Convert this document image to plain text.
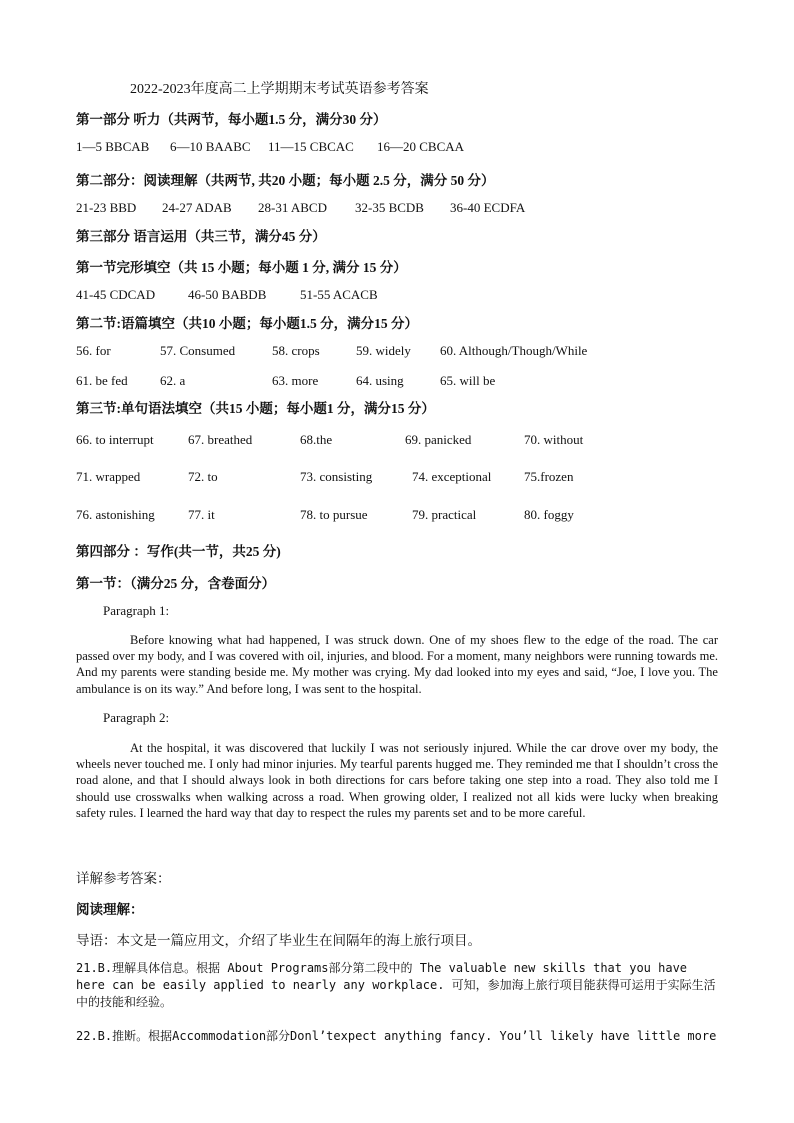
2022-2023年度高二上学期期末考试英语参考答案
第一部分 听力（共两节，每小题1.5 分，满分30 分）
1—5 BBCAB 6—10 BAABC 11—15 CBCAC 16—20 CBCAA
第二部分：阅读理解（共两节, 共20 小题；每小题 2.5 分，满分 50 分）
21-23 BBD 24-27 ADAB 28-31 ABCD 32-35 BCDB 36-40 ECDFA
第三部分 语言运用（共三节，满分45 分）
第一节完形填空（共 15 小题；每小题 1 分, 满分 15 分）
41-45 CDCAD	46-50 BABDB	51-55 ACACB
第二节:语篇填空（共10 小题；每小题1.5 分，满分15 分）
56. for	57. Consumed	58. crops	59. widely 60. Although/Though/While
61. be fed 62. a	63. more	64. using	65. will be
第三节:单句语法填空（共15 小题；每小题1 分，满分15 分）
66. to interrupt	67. breathed	68.the	69. panicked	70. without
71. wrapped	72. to	73. consisting	74. exceptional	75.frozen
76. astonishing	77. it	78. to pursue	79. practical	80. foggy
第四部分 ：写作(共一节，共25 分)
第一节：（满分25 分，含卷面分）
Paragraph 1:
Before knowing what had happened, I was struck down. One of my shoes flew to the edge of the road. The car passed over my body, and I was covered with oil, injuries, and blood. For a moment, many neighbors were running towards me. And my parents were standing beside me. My mother was crying. My dad looked into my eyes and said, “Joe, I love you. The ambulance is on its way.” And before long, I was sent to the hospital.
Paragraph 2:
At the hospital, it was discovered that luckily I was not seriously injured. While the car drove over my body, the wheels never touched me. I only had minor injuries. My tearful parents hugged me. They reminded me that I shouldn’t cross the road alone, and that I should always look in both directions for cars before taking one step into a road. They also told me I should use crosswalks when walking across a road. When growing older, I realized not all kids were lucky when breaking safety rules. I learned the hard way that day to respect the rules my parents set and to be more careful.
详解参考答案：
阅读理解：
导语：本文是一篇应用文，介绍了毕业生在间隔年的海上旅行项目。
21.B.理解具体信息。根据 About Programs部分第二段中的 The valuable new skills that you have here can be easily applied to nearly any workplace. 可知，参加海上旅行项目能获得可运用于实际生活中的技能和经验。
22.B.推断。根据Accommodation部分Donl’texpect anything fancy. You’ll likely have little more
